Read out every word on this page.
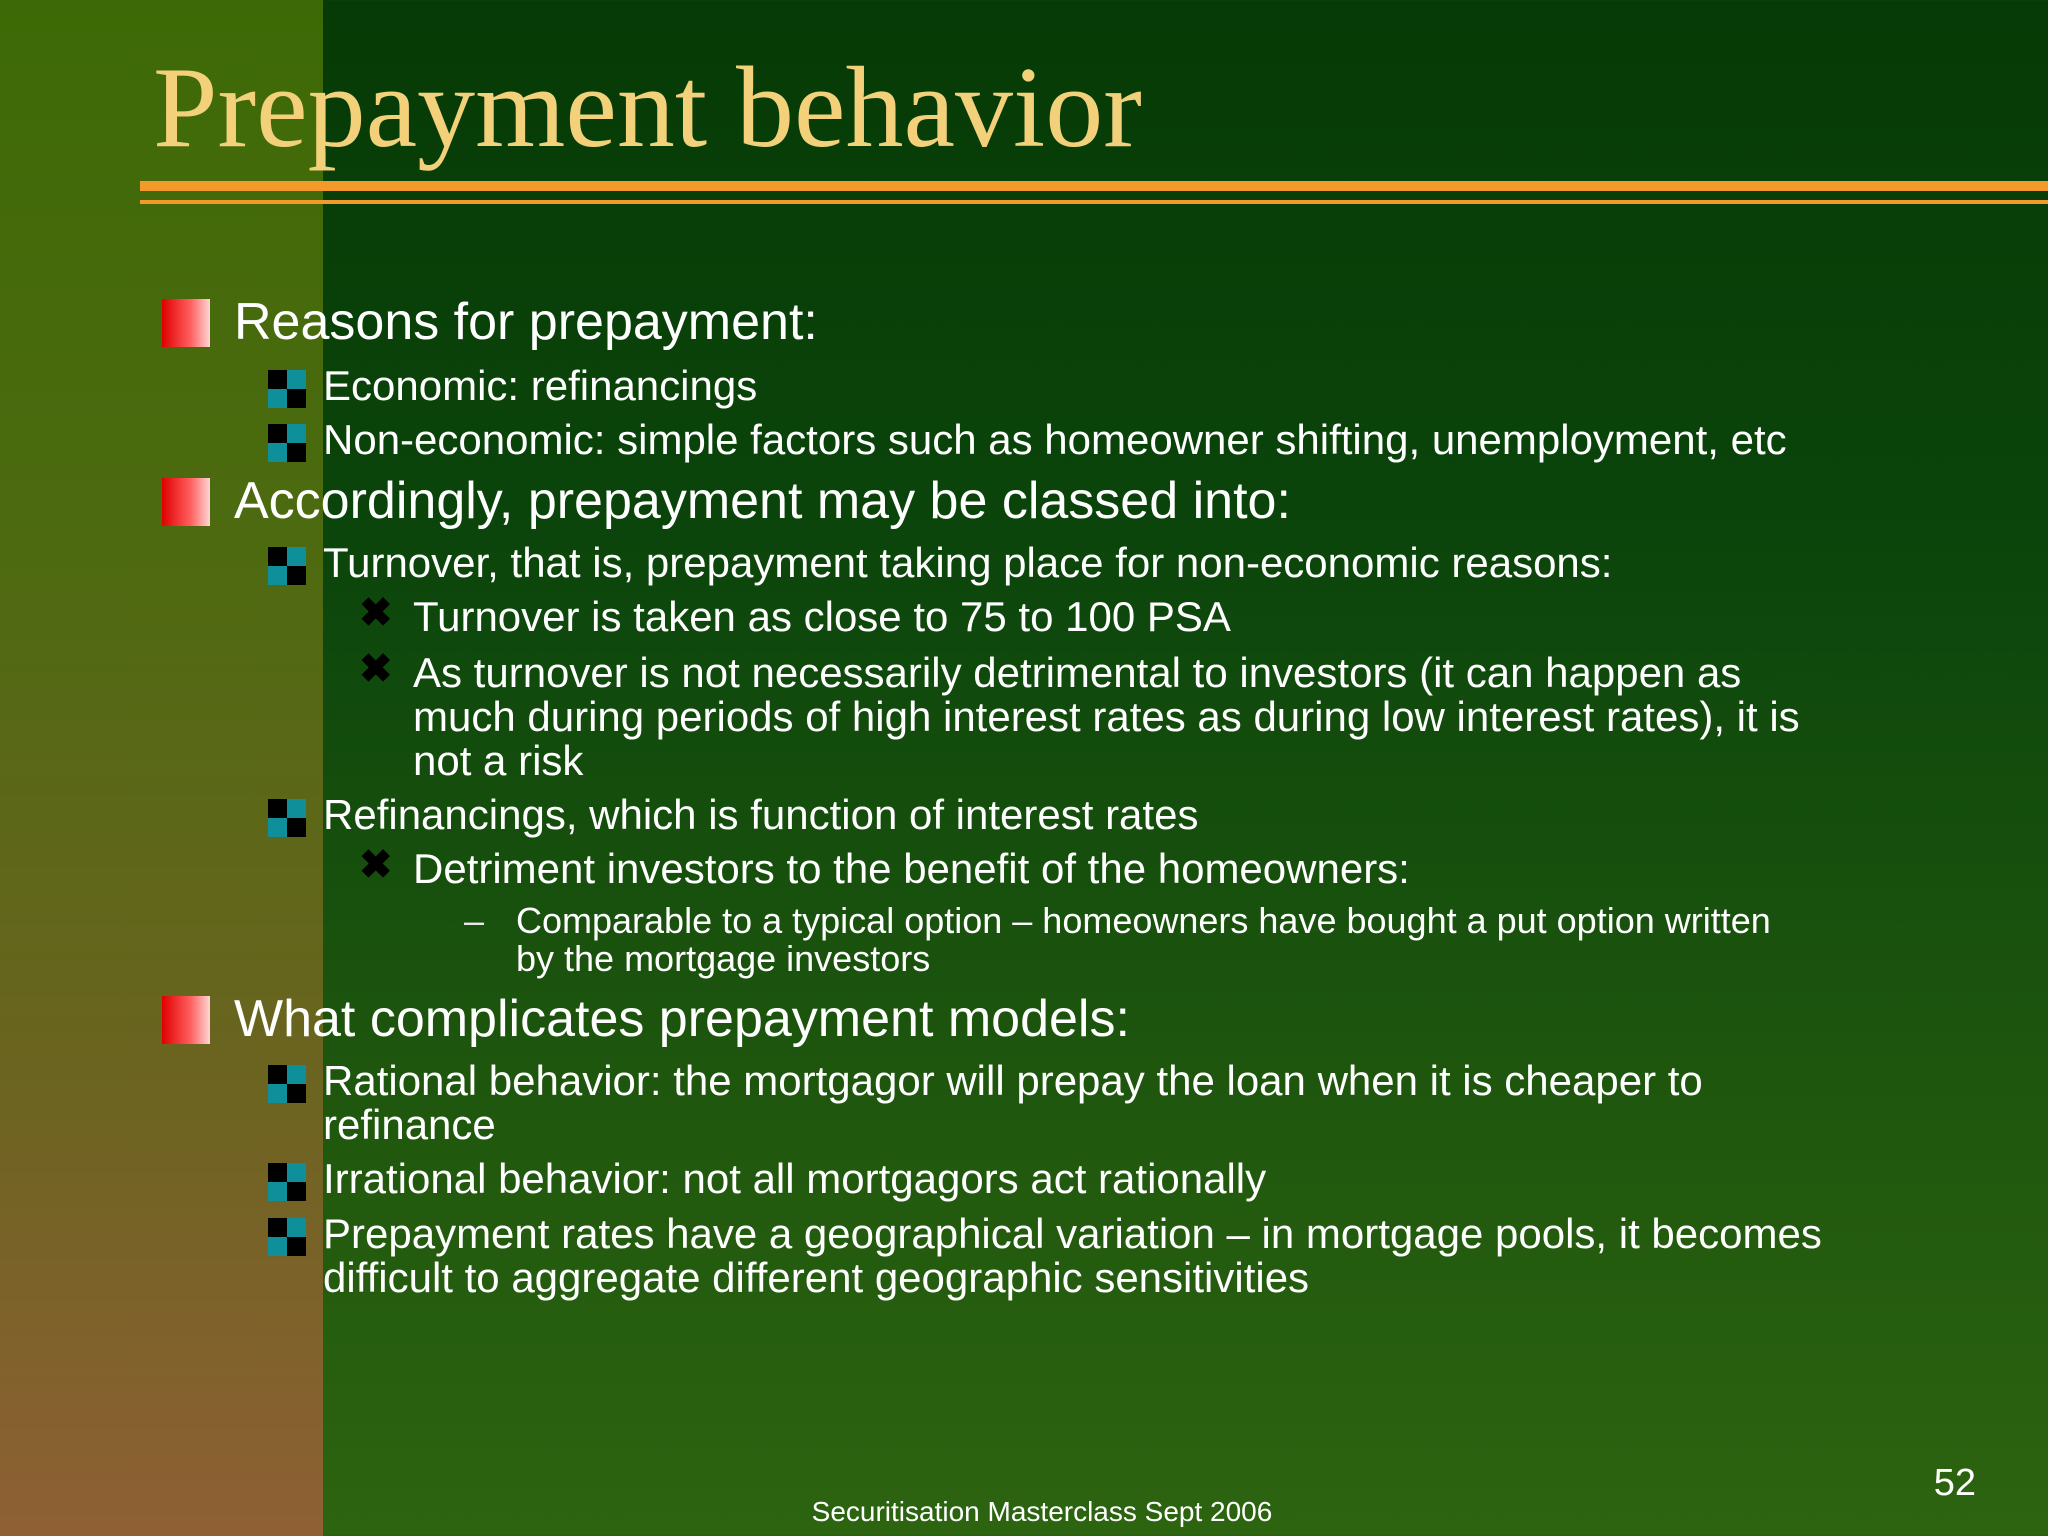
Prepayment behavior
Reasons for prepayment:
Economic: refinancings
Non-economic: simple factors such as homeowner shifting, unemployment, etc
Accordingly, prepayment may be classed into:
Turnover, that is, prepayment taking place for non-economic reasons:
✖ Turnover is taken as close to 75 to 100 PSA
✖ As turnover is not necessarily detrimental to investors (it can happen as
much during periods of high interest rates as during low interest rates), it is
not a risk
Refinancings, which is function of interest rates
✖ Detriment investors to the benefit of the homeowners:
– Comparable to a typical option – homeowners have bought a put option written
by the mortgage investors
What complicates prepayment models:
Rational behavior: the mortgagor will prepay the loan when it is cheaper to
refinance
Irrational behavior: not all mortgagors act rationally
Prepayment rates have a geographical variation – in mortgage pools, it becomes
difficult to aggregate different geographic sensitivities
Securitisation Masterclass Sept 2006
52
